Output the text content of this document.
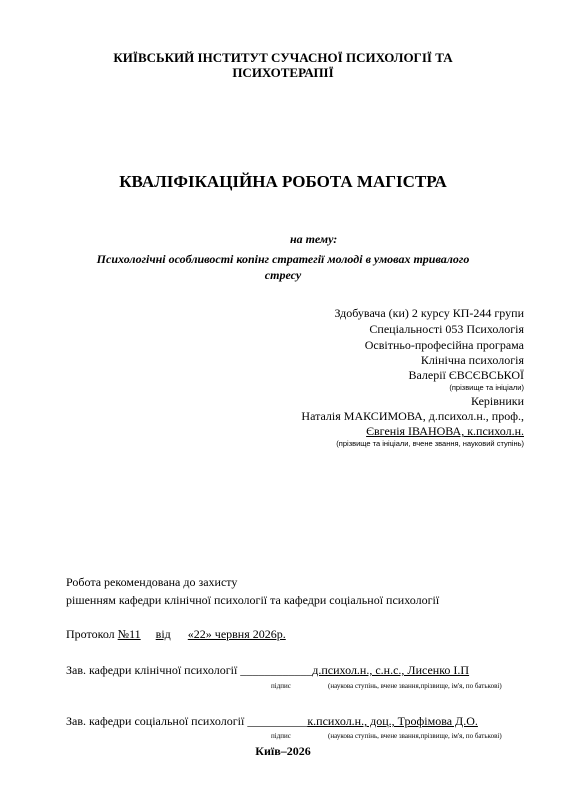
КИЇВСЬКИЙ ІНСТИТУТ СУЧАСНОЇ ПСИХОЛОГІЇ ТА
ПСИХОТЕРАПІЇ
КВАЛІФІКАЦІЙНА РОБОТА МАГІСТРА
на тему:
Психологічні особливості копінг стратегії молоді в умовах тривалого
стресу
Здобувача (ки) 2 курсу КП-244 групи
Спеціальності 053 Психологія
Освітньо-професійна програма
Клінічна психологія
Валерії ЄВСЄВСЬКОЇ
(прізвище та ініціали)
Керівники
Наталія МАКСИМОВА, д.психол.н., проф.,
Євгенія ІВАНОВА, к.психол.н.
(прізвище та ініціали, вчене звання, науковий ступінь)
Робота рекомендована до захисту
рішенням кафедри клінічної психології та кафедри соціальної психології
Протокол №11 від «22» червня 2026р.
Зав. кафедри клінічної психології ____________д.психол.н., с.н.с., Лисенко І.П
підпис	(наукова ступінь, вчене звання,прізвище, ім'я, по батькові)
Зав. кафедри соціальної психології __________к.психол.н., доц., Трофімова Д.О.
підпис	(наукова ступінь, вчене звання,прізвище, ім'я, по батькові)
Київ–2026
